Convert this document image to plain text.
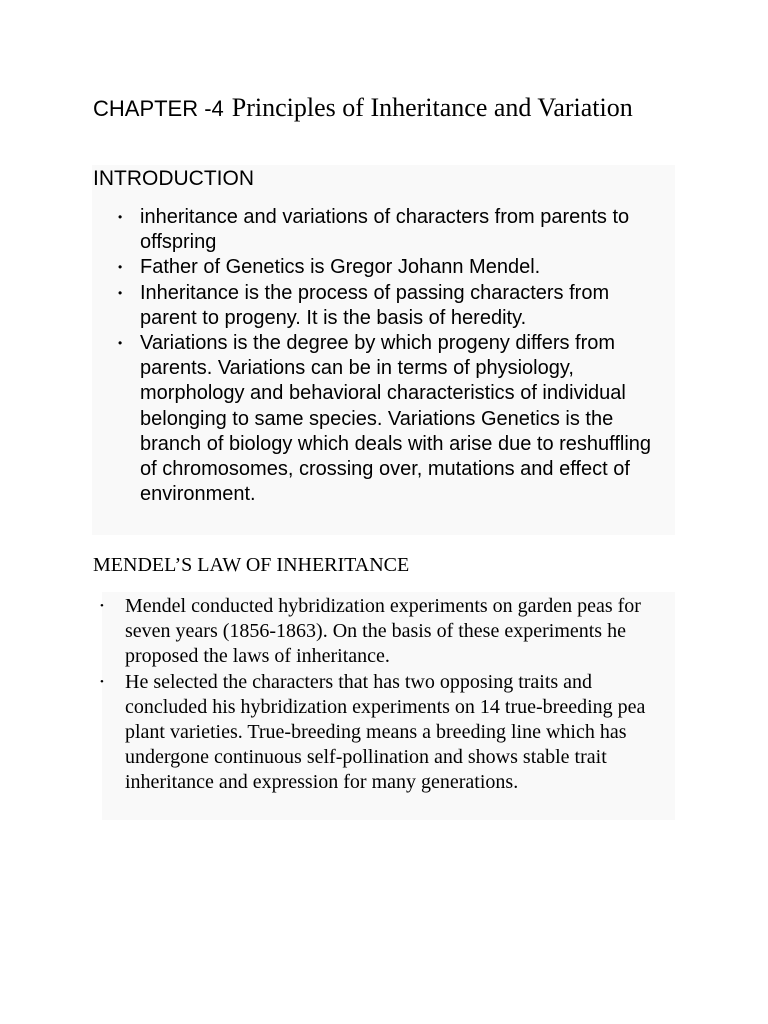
CHAPTER -4 Principles of Inheritance and Variation
INTRODUCTION
• inheritance and variations of characters from parents to offspring
• Father of Genetics is Gregor Johann Mendel.
• Inheritance is the process of passing characters from parent to progeny. It is the basis of heredity.
• Variations is the degree by which progeny differs from parents. Variations can be in terms of physiology, morphology and behavioral characteristics of individual belonging to same species. Variations Genetics is the branch of biology which deals with arise due to reshuffling of chromosomes, crossing over, mutations and effect of environment.
MENDEL’S LAW OF INHERITANCE
• Mendel conducted hybridization experiments on garden peas for seven years (1856-1863). On the basis of these experiments he proposed the laws of inheritance.
• He selected the characters that has two opposing traits and concluded his hybridization experiments on 14 true-breeding pea plant varieties. True-breeding means a breeding line which has undergone continuous self-pollination and shows stable trait inheritance and expression for many generations.
